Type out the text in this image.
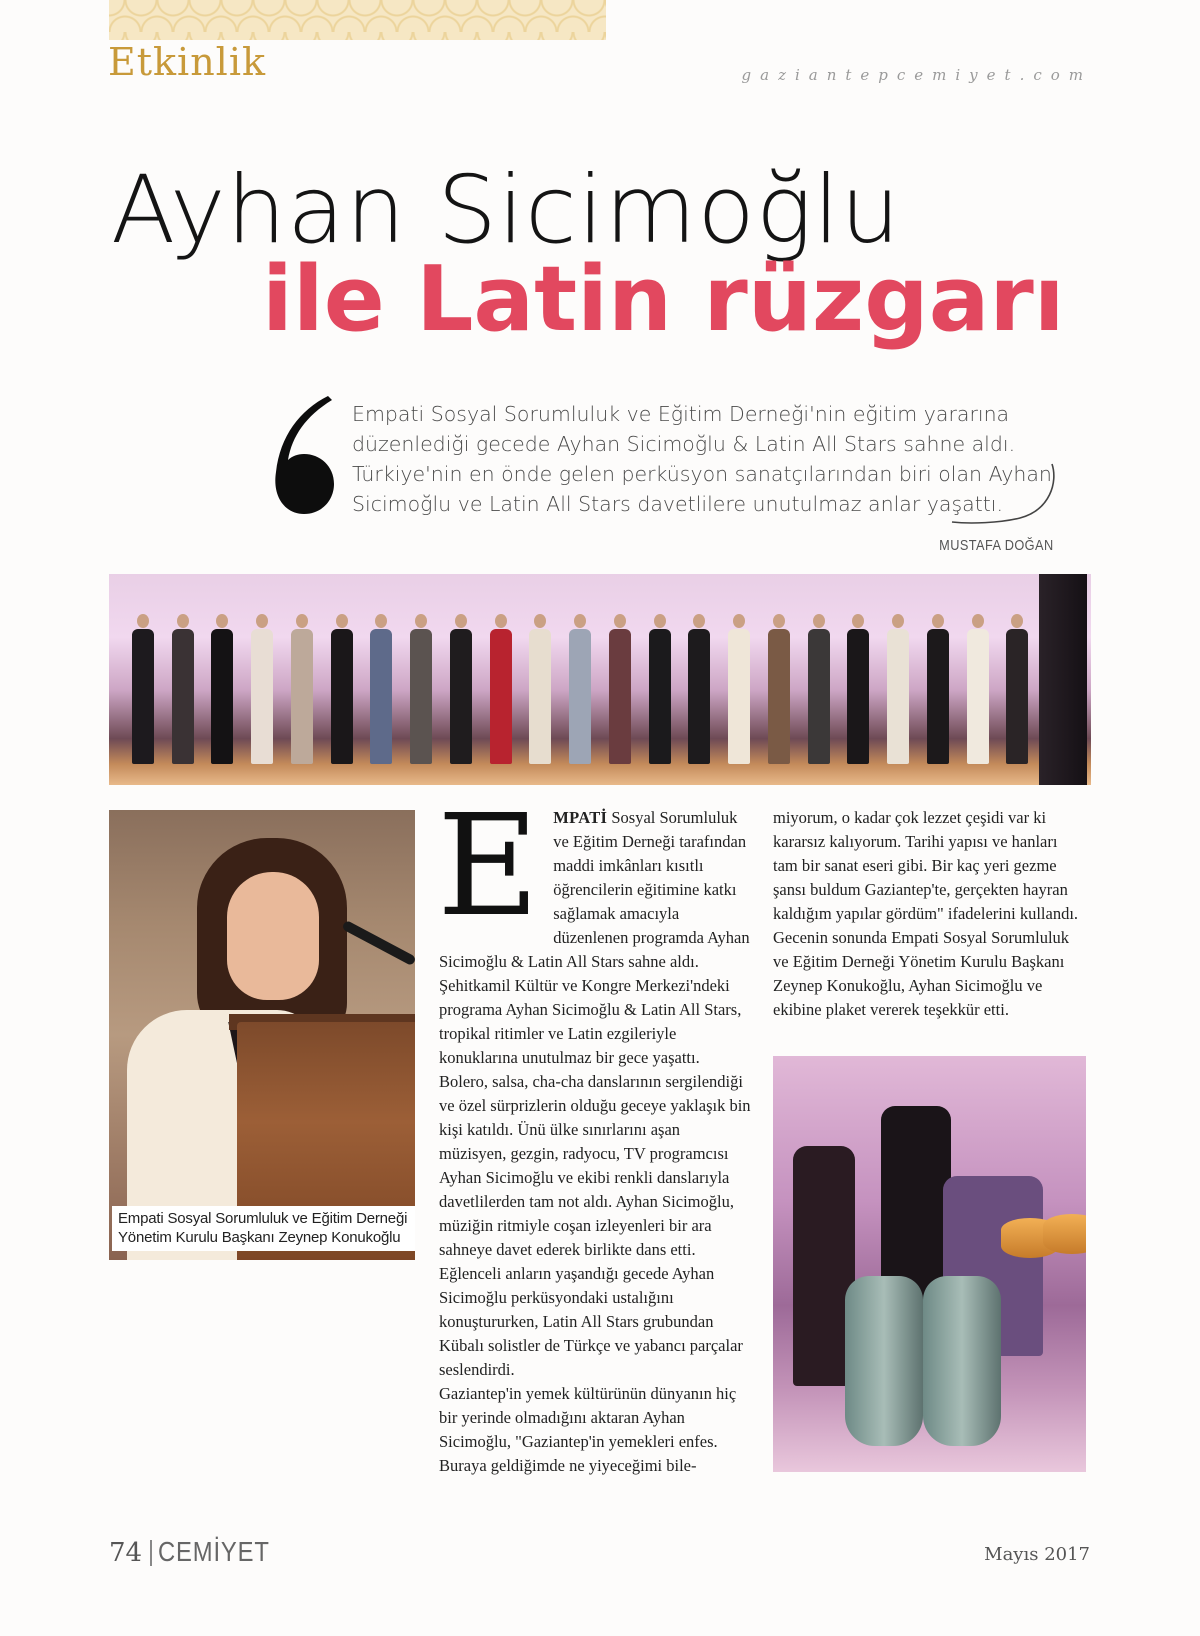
Etkinlik	gaziantepcemiyet.com
Ayhan Sicimoğlu
ile Latin rüzgarı

Empati Sosyal Sorumluluk ve Eğitim Derneği'nin eğitim yararına düzenlediği gecede Ayhan Sicimoğlu & Latin All Stars sahne aldı. Türkiye'nin en önde gelen perküsyon sanatçılarından biri olan Ayhan Sicimoğlu ve Latin All Stars davetlilere unutulmaz anlar yaşattı.

MUSTAFA DOĞAN

Empati Sosyal Sorumluluk ve Eğitim Derneği
Yönetim Kurulu Başkanı Zeynep Konukoğlu

E MPATİ Sosyal Sorumluluk ve Eğitim Derneği tarafından maddi imkânları kısıtlı öğrencilerin eğitimine katkı sağlamak amacıyla düzenlenen programda Ayhan Sicimoğlu & Latin All Stars sahne aldı. Şehitkamil Kültür ve Kongre Merkezi'ndeki programa Ayhan Sicimoğlu & Latin All Stars, tropikal ritimler ve Latin ezgileriyle konuklarına unutulmaz bir gece yaşattı. Bolero, salsa, cha-cha danslarının sergilendiği ve özel sürprizlerin olduğu geceye yaklaşık bin kişi katıldı. Ünü ülke sınırlarını aşan müzisyen, gezgin, radyocu, TV programcısı Ayhan Sicimoğlu ve ekibi renkli danslarıyla davetlilerden tam not aldı. Ayhan Sicimoğlu, müziğin ritmiyle coşan izleyenleri bir ara sahneye davet ederek birlikte dans etti. Eğlenceli anların yaşandığı gecede Ayhan Sicimoğlu perküsyondaki ustalığını konuştururken, Latin All Stars grubundan Kübalı solistler de Türkçe ve yabancı parçalar seslendirdi.
Gaziantep'in yemek kültürünün dünyanın hiç bir yerinde olmadığını aktaran Ayhan Sicimoğlu, "Gaziantep'in yemekleri enfes. Buraya geldiğimde ne yiyeceğimi bile-
miyorum, o kadar çok lezzet çeşidi var ki kararsız kalıyorum. Tarihi yapısı ve hanları tam bir sanat eseri gibi. Bir kaç yeri gezme şansı buldum Gaziantep'te, gerçekten hayran kaldığım yapılar gördüm" ifadelerini kullandı. Gecenin sonunda Empati Sosyal Sorumluluk ve Eğitim Derneği Yönetim Kurulu Başkanı Zeynep Konukoğlu, Ayhan Sicimoğlu ve ekibine plaket vererek teşekkür etti.
74 CEMİYET	Mayıs 2017
